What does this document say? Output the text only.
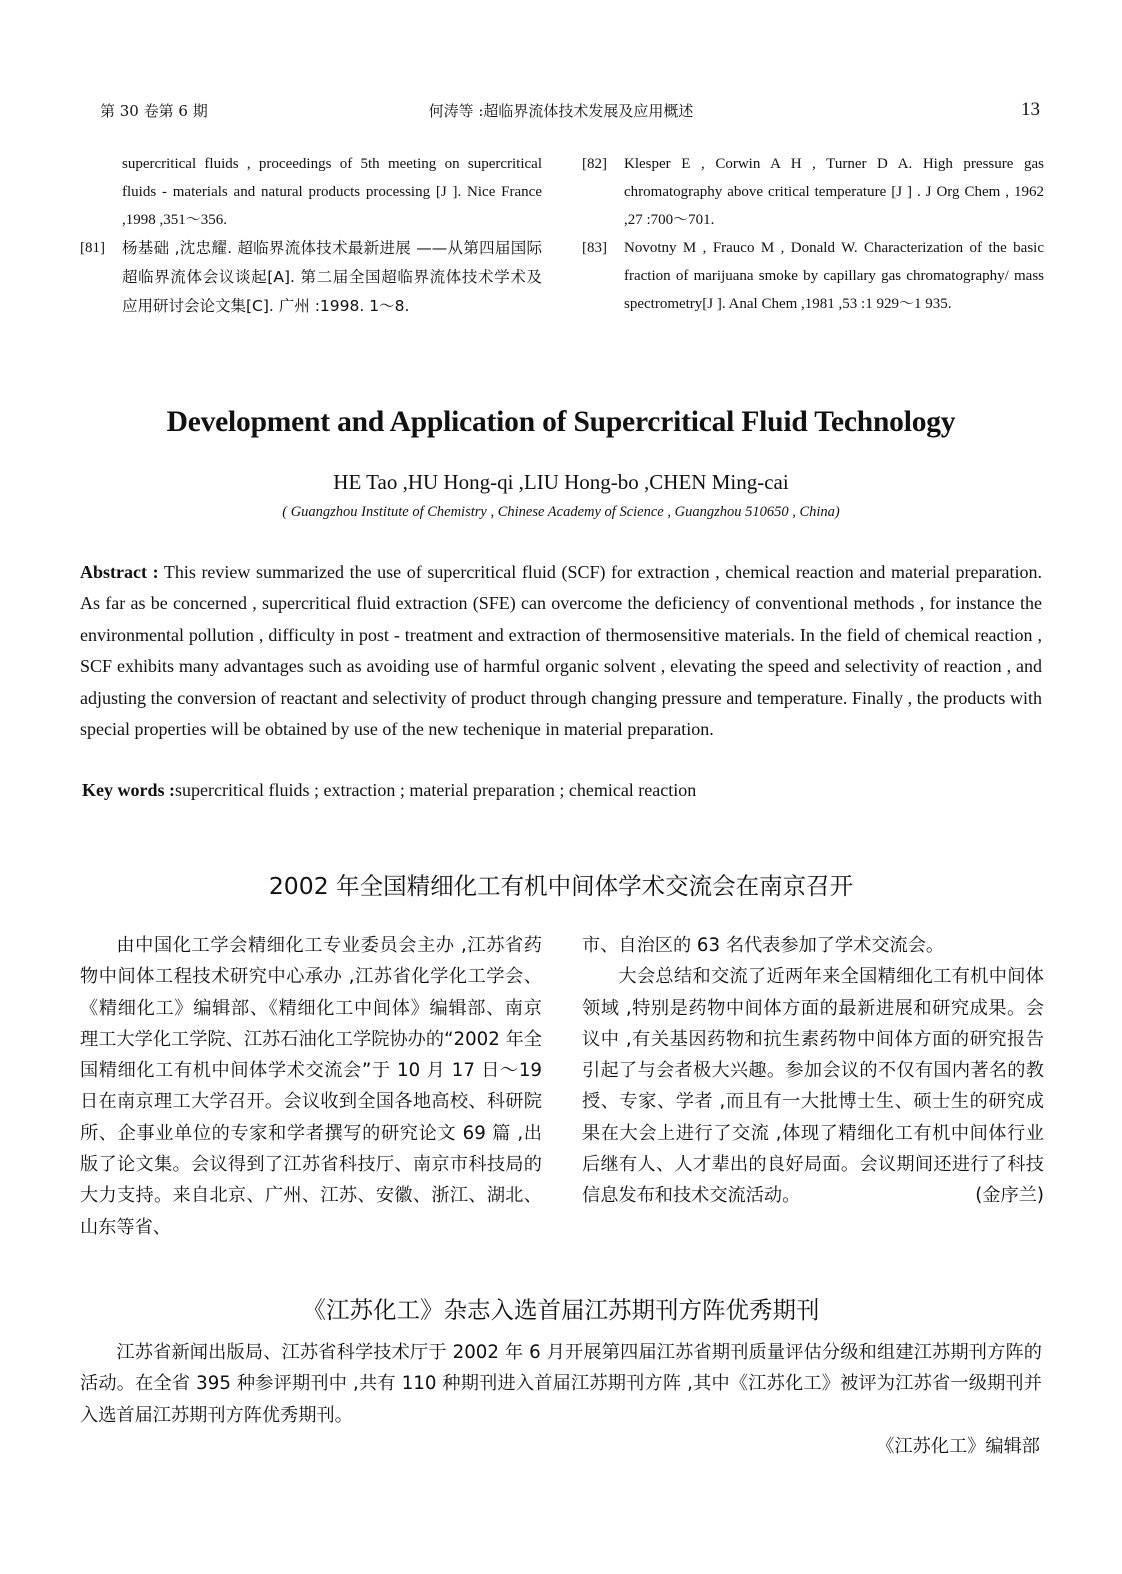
第 30 卷第 6 期	何涛等 :超临界流体技术发展及应用概述	13
supercritical fluids , proceedings of 5th meeting on supercritical fluids - materials and natural products processing [J ]. Nice France ,1998 ,351～356.
[81] 杨基础 ,沈忠耀. 超临界流体技术最新进展 ——从第四届国际超临界流体会议谈起[A]. 第二届全国超临界流体技术学术及应用研讨会论文集[C]. 广州 :1998. 1～8.
[82] Klesper E , Corwin A H , Turner D A. High pressure gas chromatography above critical temperature [J ] . J Org Chem , 1962 ,27 :700～701.
[83] Novotny M , Frauco M , Donald W. Characterization of the basic fraction of marijuana smoke by capillary gas chromatography/ mass spectrometry[J ]. Anal Chem ,1981 ,53 :1 929～1 935.
Development and Application of Supercritical Fluid Technology
HE Tao ,HU Hong-qi ,LIU Hong-bo ,CHEN Ming-cai
( Guangzhou Institute of Chemistry , Chinese Academy of Science , Guangzhou 510650 , China)
Abstract : This review summarized the use of supercritical fluid (SCF) for extraction , chemical reaction and material preparation. As far as be concerned , supercritical fluid extraction (SFE) can overcome the deficiency of conventional methods , for instance the environmental pollution , difficulty in post - treatment and extraction of thermosensitive materials. In the field of chemical reaction , SCF exhibits many advantages such as avoiding use of harmful organic solvent , elevating the speed and selectivity of reaction , and adjusting the conversion of reactant and selectivity of product through changing pressure and temperature. Finally , the products with special properties will be obtained by use of the new techenique in material preparation.
Key words :supercritical fluids ; extraction ; material preparation ; chemical reaction
2002 年全国精细化工有机中间体学术交流会在南京召开

由中国化工学会精细化工专业委员会主办 ,江苏省药物中间体工程技术研究中心承办 ,江苏省化学化工学会、《精细化工》编辑部、《精细化工中间体》编辑部、南京理工大学化工学院、江苏石油化工学院协办的“2002 年全国精细化工有机中间体学术交流会”于 10 月 17 日～19 日在南京理工大学召开。会议收到全国各地高校、科研院所、企事业单位的专家和学者撰写的研究论文 69 篇 ,出版了论文集。会议得到了江苏省科技厅、南京市科技局的大力支持。来自北京、广州、江苏、安徽、浙江、湖北、山东等省、

市、自治区的 63 名代表参加了学术交流会。

大会总结和交流了近两年来全国精细化工有机中间体领域 ,特别是药物中间体方面的最新进展和研究成果。会议中 ,有关基因药物和抗生素药物中间体方面的研究报告引起了与会者极大兴趣。参加会议的不仅有国内著名的教授、专家、学者 ,而且有一大批博士生、硕士生的研究成果在大会上进行了交流 ,体现了精细化工有机中间体行业后继有人、人才辈出的良好局面。会议期间还进行了科技信息发布和技术交流活动。	(金序兰)

《江苏化工》杂志入选首届江苏期刊方阵优秀期刊

江苏省新闻出版局、江苏省科学技术厅于 2002 年 6 月开展第四届江苏省期刊质量评估分级和组建江苏期刊方阵的活动。在全省 395 种参评期刊中 ,共有 110 种期刊进入首届江苏期刊方阵 ,其中《江苏化工》被评为江苏省一级期刊并入选首届江苏期刊方阵优秀期刊。

《江苏化工》编辑部
